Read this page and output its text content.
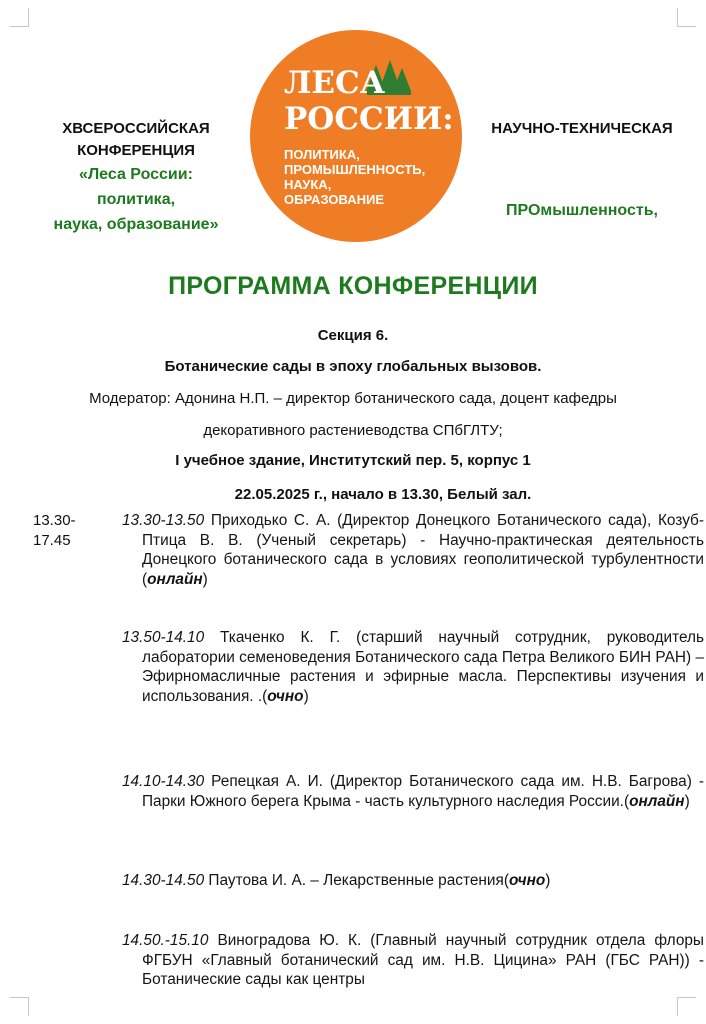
ХВСЕРОССИЙСКАЯ
КОНФЕРЕНЦИЯ
«Леса России:
политика,
наука, образование»
НАУЧНО-ТЕХНИЧЕСКАЯ
ПРОмышленность,
ЛЕСА
РОССИИ:
ПОЛИТИКА,
ПРОМЫШЛЕННОСТЬ,
НАУКА,
ОБРАЗОВАНИЕ
ПРОГРАММА КОНФЕРЕНЦИИ
Секция 6.
Ботанические сады в эпоху глобальных вызовов.
Модератор: Адонина Н.П. – директор ботанического сада, доцент кафедры
декоративного растениеводства СПбГЛТУ;
I учебное здание, Институтский пер. 5, корпус 1
22.05.2025 г., начало в 13.30, Белый зал.
13.30-
17.45
13.30-13.50 Приходько С. А. (Директор Донецкого Ботанического сада), Козуб-Птица В. В. (Ученый секретарь) - Научно-практическая деятельность Донецкого ботанического сада в условиях геополитической турбулентности (онлайн)
13.50-14.10 Ткаченко К. Г. (старший научный сотрудник, руководитель лаборатории семеноведения Ботанического сада Петра Великого БИН РАН) – Эфирномасличные растения и эфирные масла. Перспективы изучения и использования. .(очно)
14.10-14.30 Репецкая А. И. (Директор Ботанического сада им. Н.В. Багрова) - Парки Южного берега Крыма - часть культурного наследия России.(онлайн)
14.30-14.50 Паутова И. А. – Лекарственные растения(очно)
14.50.-15.10 Виноградова Ю. К. (Главный научный сотрудник отдела флоры ФГБУН «Главный ботанический сад им. Н.В. Цицина» РАН (ГБС РАН)) - Ботанические сады как центры
